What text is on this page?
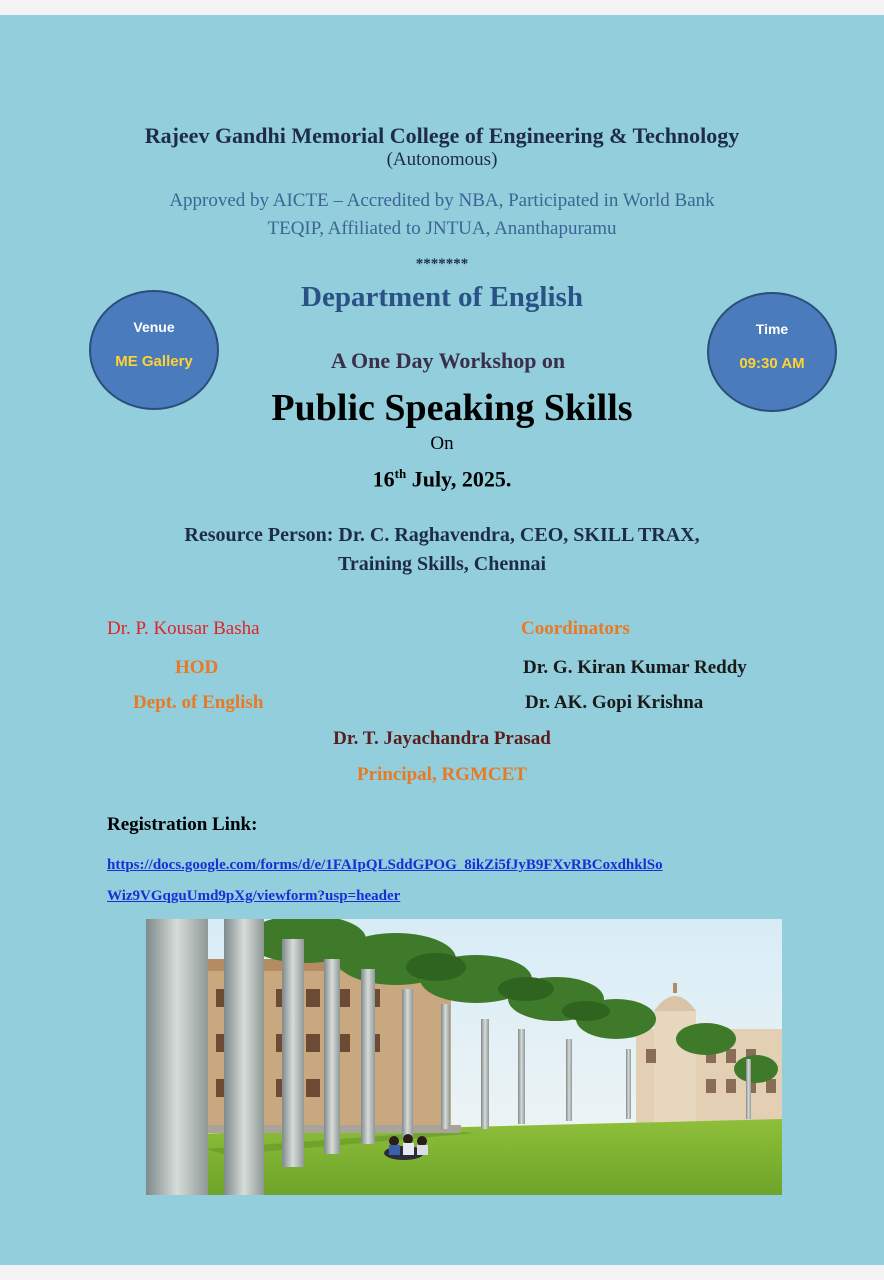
Rajeev Gandhi Memorial College of Engineering & Technology
(Autonomous)
Approved by AICTE – Accredited by NBA, Participated in World Bank
TEQIP, Affiliated to JNTUA, Ananthapuramu
*******
Department of English
Venue
ME Gallery
Time
09:30 AM
A One Day Workshop on
Public Speaking Skills
On
16th July, 2025.
Resource Person: Dr. C. Raghavendra, CEO, SKILL TRAX,
Training Skills, Chennai
Dr. P. Kousar Basha	Coordinators
HOD	Dr. G. Kiran Kumar Reddy
Dept. of English	Dr. AK. Gopi Krishna
Dr. T. Jayachandra Prasad
Principal, RGMCET
Registration Link:
https://docs.google.com/forms/d/e/1FAIpQLSddGPOG_8ikZi5fJyB9FXvRBCoxdhklSo
Wiz9VGqguUmd9pXg/viewform?usp=header
